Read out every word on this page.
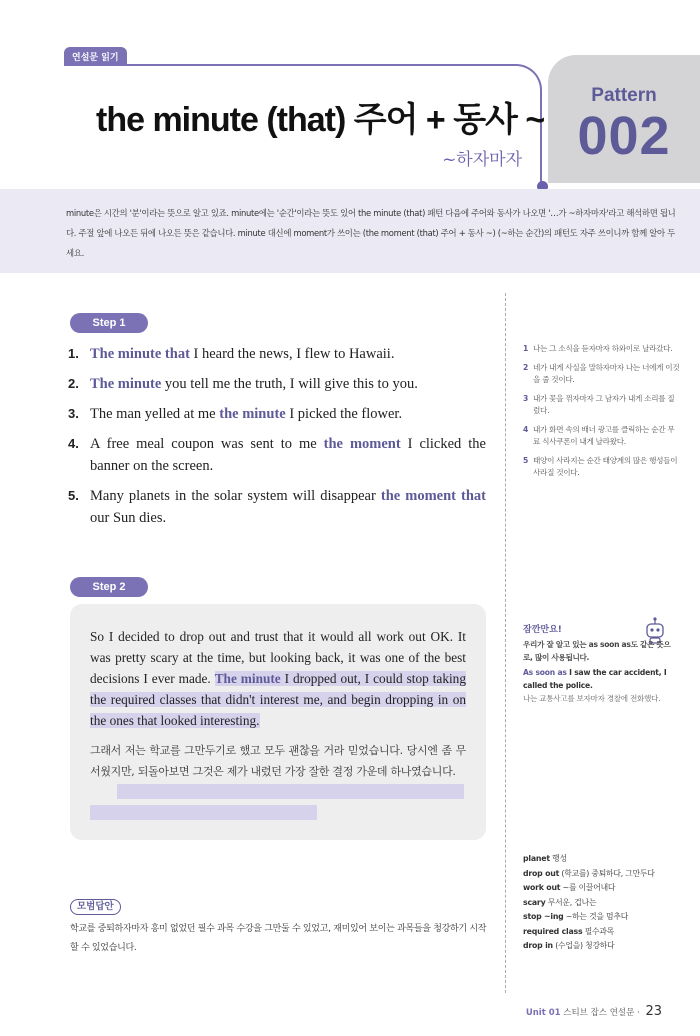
연설문 읽기
Pattern
002
the minute (that) 주어 + 동사 ~
~하자마자

minute은 시간의 '분'이라는 뜻으로 알고 있죠. minute에는 '순간'이라는 뜻도 있어 the minute (that) 패턴 다음에 주어와 동사가 나오면 '…가 ~하자마자'라고 해석하면 됩니다. 주절 앞에 나오든 뒤에 나오든 뜻은 같습니다. minute 대신에 moment가 쓰이는 (the moment (that) 주어 + 동사 ~) (~하는 순간)의 패턴도 자주 쓰이니까 함께 알아 두세요.

Step 1
1. The minute that I heard the news, I flew to Hawaii.
2. The minute you tell me the truth, I will give this to you.
3. The man yelled at me the minute I picked the flower.
4. A free meal coupon was sent to me the moment I clicked the banner on the screen.
5. Many planets in the solar system will disappear the moment that our Sun dies.
Step 2

So I decided to drop out and trust that it would all work out OK. It was pretty scary at the time, but looking back, it was one of the best decisions I ever made. The minute I dropped out, I could stop taking the required classes that didn't interest me, and begin dropping in on the ones that looked interesting.

그래서 저는 학교를 그만두기로 했고 모두 괜찮을 거라 믿었습니다. 당시엔 좀 무서웠지만, 되돌아보면 그것은 제가 내렸던 가장 잘한 결정 가운데 하나였습니다.

모범답안

학교를 중퇴하자마자 흥미 없었던 필수 과목 수강을 그만둘 수 있었고, 재미있어 보이는 과목들을 청강하기 시작할 수 있었습니다.

1 나는 그 소식을 듣자마자 하와이로 날라갔다.
2 네가 내게 사실을 말하자마자 나는 너에게 이것을 줄 것이다.
3 내가 꽃을 꺾자마자 그 남자가 내게 소리를 질렀다.
4 내가 화면 속의 배너 광고를 클릭하는 순간 무료 식사쿠폰이 내게 날라왔다.
5 태양이 사라지는 순간 태양계의 많은 행성들이 사라질 것이다.
잠깐만요!
우리가 잘 알고 있는 as soon as도 같은 뜻으로, 많이 사용됩니다.
As soon as I saw the car accident, I called the police.
나는 교통사고를 보자마자 경찰에 전화했다.
planet 행성
drop out (학교를) 중퇴하다, 그만두다
work out ~를 이끌어내다
scary 무서운, 겁나는
stop ~ing ~하는 것을 멈추다
required class 필수과목
drop in (수업을) 청강하다
Unit 01 스티브 잡스 연설문 · 23
